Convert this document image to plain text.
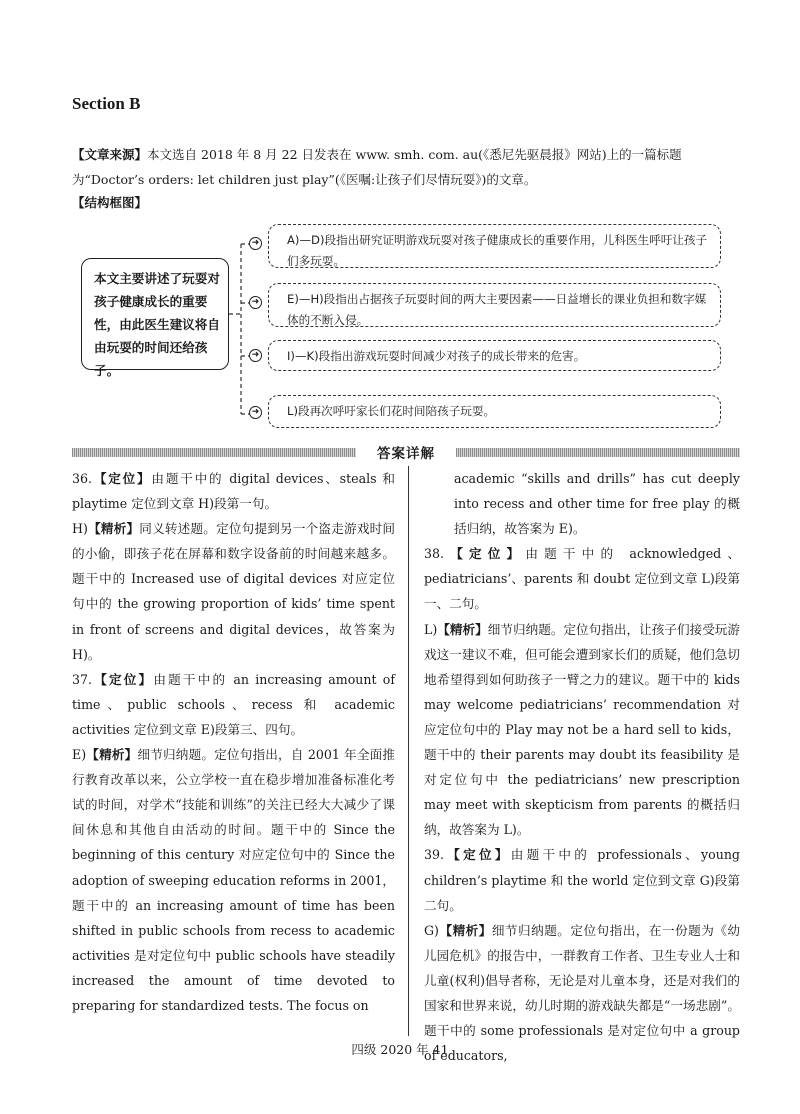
Section B
【文章来源】本文选自 2018 年 8 月 22 日发表在 www. smh. com. au(《悉尼先驱晨报》网站)上的一篇标题为“Doctor’s orders: let children just play”(《医嘱:让孩子们尽情玩耍》)的文章。
【结构框图】
本文主要讲述了玩耍对孩子健康成长的重要性，由此医生建议将自由玩耍的时间还给孩子。
➜	A)—D)段指出研究证明游戏玩耍对孩子健康成长的重要作用，儿科医生呼吁让孩子们多玩耍。
➜	E)—H)段指出占据孩子玩耍时间的两大主要因素——日益增长的课业负担和数字媒体的不断入侵。
➜	I)—K)段指出游戏玩耍时间减少对孩子的成长带来的危害。
➜	L)段再次呼吁家长们花时间陪孩子玩耍。
答案详解

36.【定位】由题干中的 digital devices、steals 和 playtime 定位到文章 H)段第一句。

H)【精析】同义转述题。定位句提到另一个盗走游戏时间的小偷，即孩子花在屏幕和数字设备前的时间越来越多。题干中的 Increased use of digital devices 对应定位句中的 the growing proportion of kids’ time spent in front of screens and digital devices，故答案为 H)。

37.【定位】由题干中的 an increasing amount of time、public schools、recess 和 academic activities 定位到文章 E)段第三、四句。

E)【精析】细节归纳题。定位句指出，自 2001 年全面推行教育改革以来，公立学校一直在稳步增加准备标准化考试的时间，对学术“技能和训练”的关注已经大大减少了课间休息和其他自由活动的时间。题干中的 Since the beginning of this century 对应定位句中的 Since the adoption of sweeping education reforms in 2001，题干中的 an increasing amount of time has been shifted in public schools from recess to academic activities 是对定位句中 public schools have steadily increased the amount of time devoted to preparing for standardized tests. The focus on

academic “skills and drills” has cut deeply into recess and other time for free play 的概括归纳，故答案为 E)。

38.【定位】由题干中的 acknowledged、pediatricians’、parents 和 doubt 定位到文章 L)段第一、二句。

L)【精析】细节归纳题。定位句指出，让孩子们接受玩游戏这一建议不难，但可能会遭到家长们的质疑，他们急切地希望得到如何助孩子一臂之力的建议。题干中的 kids may welcome pediatricians’ recommendation 对应定位句中的 Play may not be a hard sell to kids，题干中的 their parents may doubt its feasibility 是对定位句中 the pediatricians’ new prescription may meet with skepticism from parents 的概括归纳，故答案为 L)。

39.【定位】由题干中的 professionals、young children’s playtime 和 the world 定位到文章 G)段第二句。

G)【精析】细节归纳题。定位句指出，在一份题为《幼儿园危机》的报告中，一群教育工作者、卫生专业人士和儿童(权利)倡导者称，无论是对儿童本身，还是对我们的国家和世界来说，幼儿时期的游戏缺失都是“一场悲剧”。题干中的 some professionals 是对定位句中 a group of educators,

四级 2020 年 41
